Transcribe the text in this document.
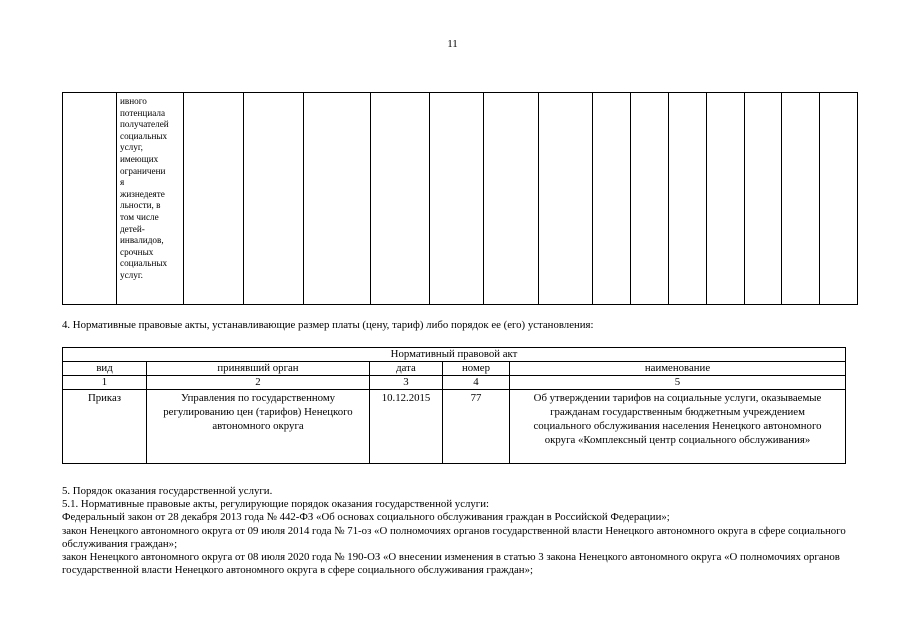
11
	ивного
потенциала
получателей
социальных
услуг,
имеющих
ограничени
я
жизнедеяте
льности, в
том числе
детей-
инвалидов,
срочных
социальных
услуг.														
4. Нормативные правовые акты, устанавливающие размер платы (цену, тариф) либо порядок ее (его) установления:
Нормативный правовой акт				
вид	принявший орган	дата	номер	наименование
1	2	3	4	5
Приказ	Управления по государственному регулированию цен (тарифов) Ненецкого автономного округа	10.12.2015	77	Об утверждении тарифов на социальные услуги, оказываемые гражданам государственным бюджетным учреждением социального обслуживания населения Ненецкого автономного округа «Комплексный центр социального обслуживания»

5. Порядок оказания государственной услуги.

5.1. Нормативные правовые акты, регулирующие порядок оказания государственной услуги:

Федеральный закон от 28 декабря 2013 года № 442-ФЗ «Об основах социального обслуживания граждан в Российской Федерации»;

закон Ненецкого автономного округа от 09 июля 2014 года № 71-оз «О полномочиях органов государственной власти Ненецкого автономного округа в сфере социального обслуживания граждан»;

закон Ненецкого автономного округа от 08 июля 2020 года № 190-ОЗ «О внесении изменения в статью 3 закона Ненецкого автономного округа «О полномочиях органов государственной власти Ненецкого автономного округа в сфере социального обслуживания граждан»;
